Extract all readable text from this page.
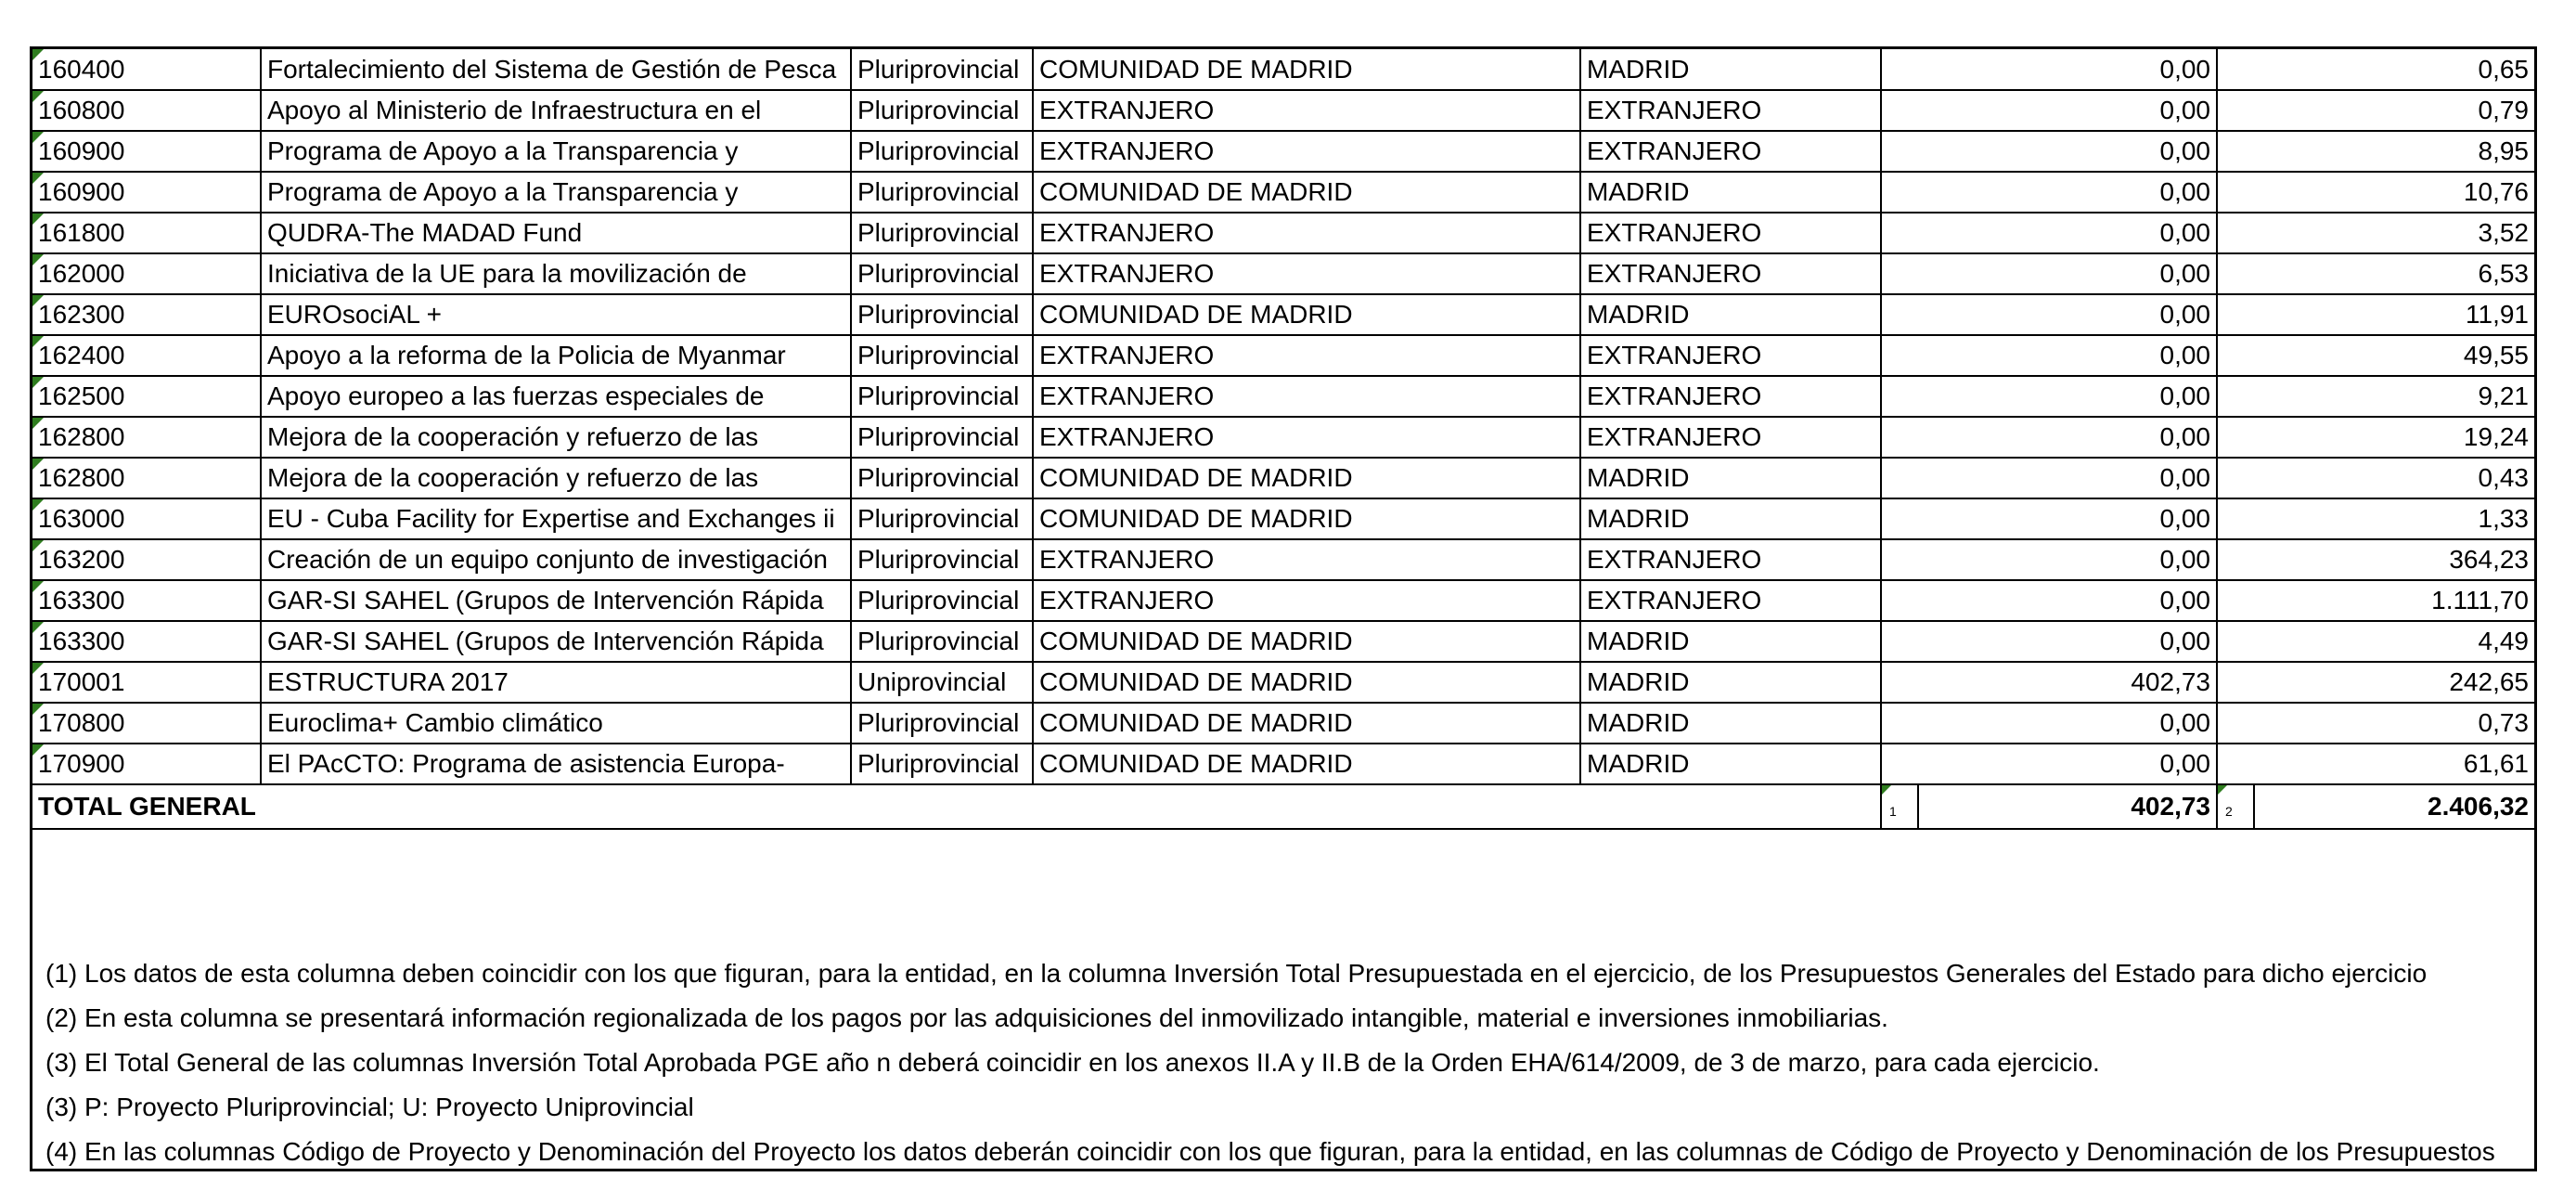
160400	Fortalecimiento del Sistema de Gestión de Pesca	Pluriprovincial	COMUNIDAD DE MADRID	MADRID	0,00		0,65	

160800	Apoyo al Ministerio de Infraestructura en el	Pluriprovincial	EXTRANJERO	EXTRANJERO	0,00		0,79	

160900	Programa de Apoyo a la Transparencia y	Pluriprovincial	EXTRANJERO	EXTRANJERO	0,00		8,95	

160900	Programa de Apoyo a la Transparencia y	Pluriprovincial	COMUNIDAD DE MADRID	MADRID	0,00		10,76	

161800	QUDRA-The MADAD Fund	Pluriprovincial	EXTRANJERO	EXTRANJERO	0,00		3,52	

162000	Iniciativa de la UE para la movilización de	Pluriprovincial	EXTRANJERO	EXTRANJERO	0,00		6,53	

162300	EUROsociAL +	Pluriprovincial	COMUNIDAD DE MADRID	MADRID	0,00		11,91	

162400	Apoyo a la reforma de la Policia de Myanmar	Pluriprovincial	EXTRANJERO	EXTRANJERO	0,00		49,55	

162500	Apoyo europeo a las fuerzas especiales de	Pluriprovincial	EXTRANJERO	EXTRANJERO	0,00		9,21	

162800	Mejora de la cooperación y refuerzo de las	Pluriprovincial	EXTRANJERO	EXTRANJERO	0,00		19,24	

162800	Mejora de la cooperación y refuerzo de las	Pluriprovincial	COMUNIDAD DE MADRID	MADRID	0,00		0,43	

163000	EU - Cuba Facility for Expertise and Exchanges ii	Pluriprovincial	COMUNIDAD DE MADRID	MADRID	0,00		1,33	

163200	Creación de un equipo conjunto de investigación	Pluriprovincial	EXTRANJERO	EXTRANJERO	0,00		364,23	

163300	GAR-SI SAHEL (Grupos de Intervención Rápida	Pluriprovincial	EXTRANJERO	EXTRANJERO	0,00		1.111,70	

163300	GAR-SI SAHEL (Grupos de Intervención Rápida	Pluriprovincial	COMUNIDAD DE MADRID	MADRID	0,00		4,49	

170001	ESTRUCTURA 2017	Uniprovincial	COMUNIDAD DE MADRID	MADRID	402,73		242,65	

170800	Euroclima+ Cambio climático	Pluriprovincial	COMUNIDAD DE MADRID	MADRID	0,00		0,73	

170900	El PAcCTO: Programa de asistencia Europa-	Pluriprovincial	COMUNIDAD DE MADRID	MADRID	0,00		61,61	
TOTAL GENERAL					1	402,73	2	2.406,32
(1) Los datos de esta columna deben coincidir con los que figuran, para la entidad, en la columna Inversión Total Presupuestada en el ejercicio, de los Presupuestos Generales del Estado para dicho ejercicio
(2) En esta columna se presentará información regionalizada de los pagos por las adquisiciones del inmovilizado intangible, material e inversiones inmobiliarias.
(3) El Total General de las columnas Inversión Total Aprobada PGE año n deberá coincidir en los anexos II.A y II.B de la Orden EHA/614/2009, de 3 de marzo, para cada ejercicio.
(3) P: Proyecto Pluriprovincial; U: Proyecto Uniprovincial
(4) En las columnas Código de Proyecto y Denominación del Proyecto los datos deberán coincidir con los que figuran, para la entidad, en las columnas de Código de Proyecto y Denominación de los Presupuestos
